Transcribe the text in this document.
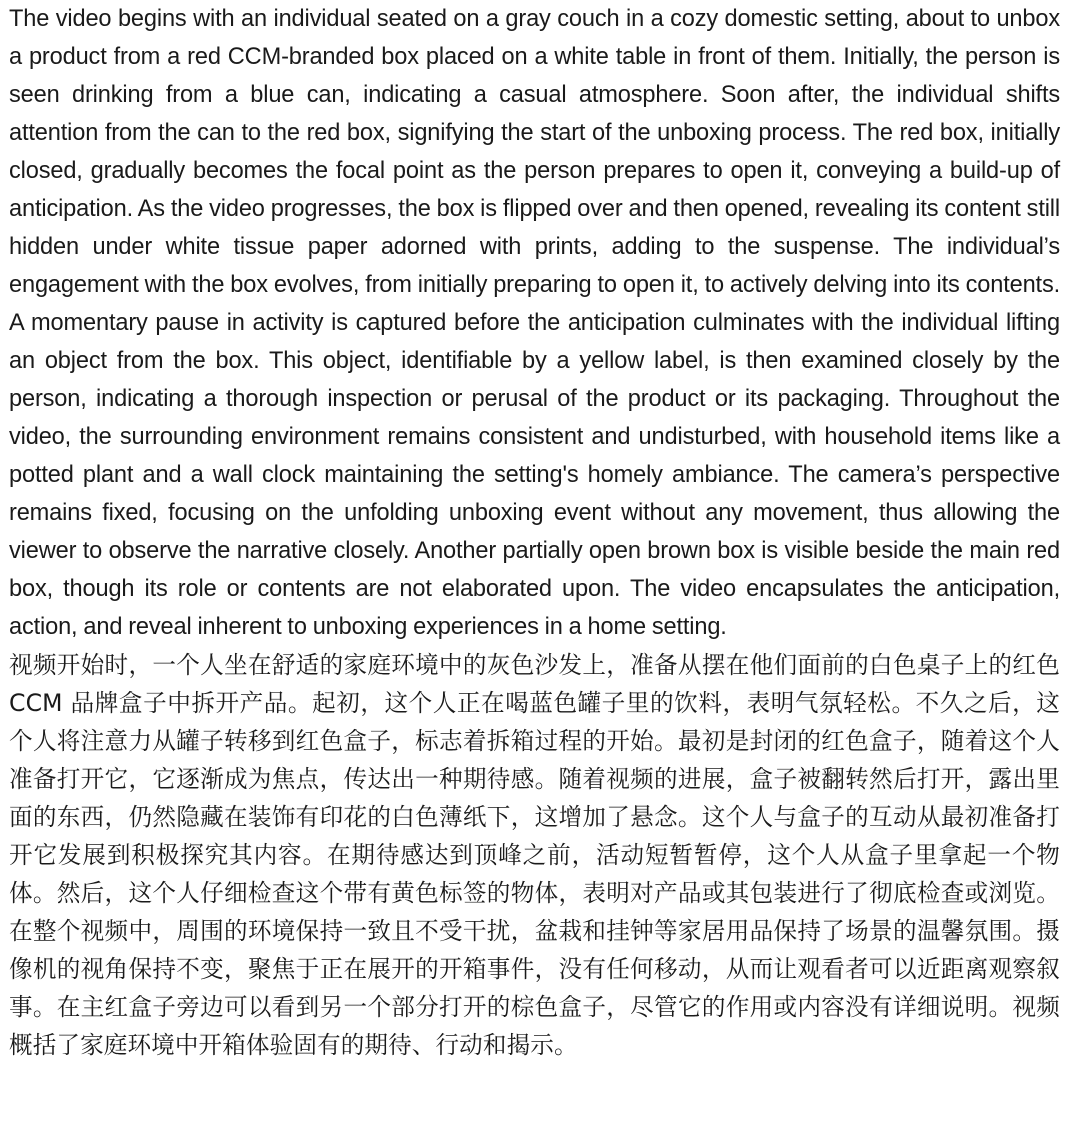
The video begins with an individual seated on a gray couch in a cozy domestic setting, about to unbox a product from a red CCM-branded box placed on a white table in front of them. Initially, the person is seen drinking from a blue can, indicating a casual atmosphere. Soon after, the individual shifts attention from the can to the red box, signifying the start of the unboxing process. The red box, initially closed, gradually becomes the focal point as the person prepares to open it, conveying a build-up of anticipation. As the video progresses, the box is flipped over and then opened, revealing its content still hidden under white tissue paper adorned with prints, adding to the suspense. The individual’s engagement with the box evolves, from initially preparing to open it, to actively delving into its contents. A momentary pause in activity is captured before the anticipation culminates with the individual lifting an object from the box. This object, identifiable by a yellow label, is then examined closely by the person, indicating a thorough inspection or perusal of the product or its packaging. Throughout the video, the surrounding environment remains consistent and undisturbed, with household items like a potted plant and a wall clock maintaining the setting's homely ambiance. The camera’s perspective remains fixed, focusing on the unfolding unboxing event without any movement, thus allowing the viewer to observe the narrative closely. Another partially open brown box is visible beside the main red box, though its role or contents are not elaborated upon. The video encapsulates the anticipation, action, and reveal inherent to unboxing experiences in a home setting.

视频开始时，一个人坐在舒适的家庭环境中的灰色沙发上，准备从摆在他们面前的白色桌子上的红色 CCM 品牌盒子中拆开产品。起初，这个人正在喝蓝色罐子里的饮料，表明气氛轻松。不久之后，这个人将注意力从罐子转移到红色盒子，标志着拆箱过程的开始。最初是封闭的红色盒子，随着这个人准备打开它，它逐渐成为焦点，传达出一种期待感。随着视频的进展，盒子被翻转然后打开，露出里面的东西，仍然隐藏在装饰有印花的白色薄纸下，这增加了悬念。这个人与盒子的互动从最初准备打开它发展到积极探究其内容。在期待感达到顶峰之前，活动短暂暂停，这个人从盒子里拿起一个物体。然后，这个人仔细检查这个带有黄色标签的物体，表明对产品或其包装进行了彻底检查或浏览。在整个视频中，周围的环境保持一致且不受干扰，盆栽和挂钟等家居用品保持了场景的温馨氛围。摄像机的视角保持不变，聚焦于正在展开的开箱事件，没有任何移动，从而让观看者可以近距离观察叙事。在主红盒子旁边可以看到另一个部分打开的棕色盒子，尽管它的作用或内容没有详细说明。视频概括了家庭环境中开箱体验固有的期待、行动和揭示。
